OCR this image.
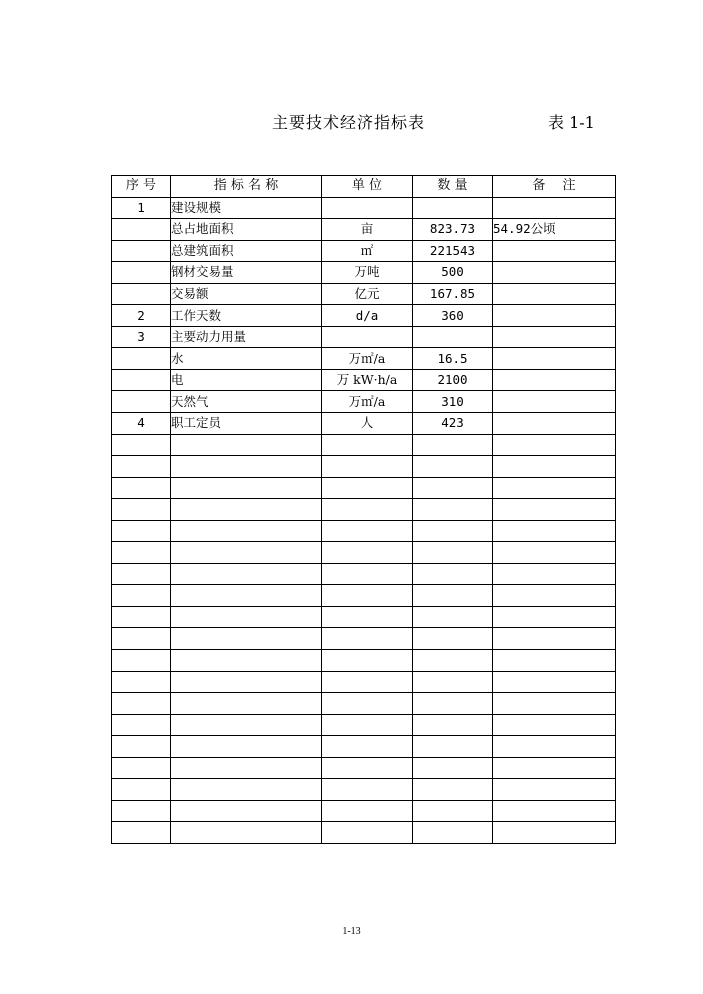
主要技术经济指标表	表 1-1
序 号	指 标 名 称	单 位	数 量	备　 注
1	建设规模			
	总占地面积	亩	823.73	54.92公顷
	总建筑面积	㎡	221543	
	钢材交易量	万吨	500	
	交易额	亿元	167.85	
2	工作天数	d/a	360	
3	主要动力用量			
	水	万㎡/a	16.5	
	电	万 kW·h/a	2100	
	天然气	万㎡/a	310	
4	职工定员	人	423	

1-13
